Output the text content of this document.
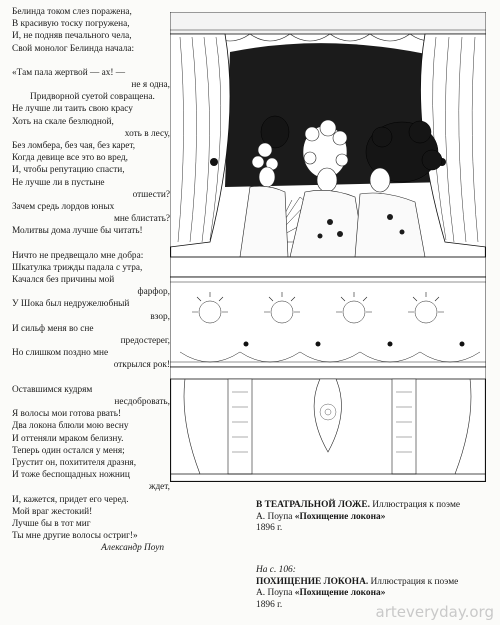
Белинда током слез поражена,
В красивую тоску погружена,
И, не подняв печального чела,
Свой монолог Белинда начала:
«Там пала жертвой — ах! —
не я одна,
Придворной суетой совращена.
Не лучше ли таить свою красу
Хоть на скале безлюдной,
хоть в лесу,
Без ломбера, без чая, без карет,
Когда девице все это во вред,
И, чтобы репутацию спасти,
Не лучше ли в пустыне
отшести?
Зачем средь лордов юных
мне блистать?
Молитвы дома лучше бы читать!
Ничто не предвещало мне добра:
Шкатулка трижды падала с утра,
Качался без причины мой
фарфор,
У Шока был недружелюбный
взор,
И сильф меня во сне
предостерег,
Но слишком поздно мне
открылся рок!
Оставшимся кудрям
несдобровать,
Я волосы мои готова рвать!
Два локона блюли мою весну
И оттеняли мраком белизну.
Теперь один остался у меня;
Грустит он, похитителя дразня,
И тоже беспощадных ножниц
ждет,
И, кажется, придет его черед.
Мой враг жестокий!
Лучше бы в тот миг
Ты мне другие волосы остриг!»
Александр Поуп
В ТЕАТРАЛЬНОЙ ЛОЖЕ. Иллюстрация к поэме
А. Поупа «Похищение локона»
1896 г.
На с. 106:
ПОХИЩЕНИЕ ЛОКОНА. Иллюстрация к поэме
А. Поупа «Похищение локона»
1896 г.	arteveryday.org
